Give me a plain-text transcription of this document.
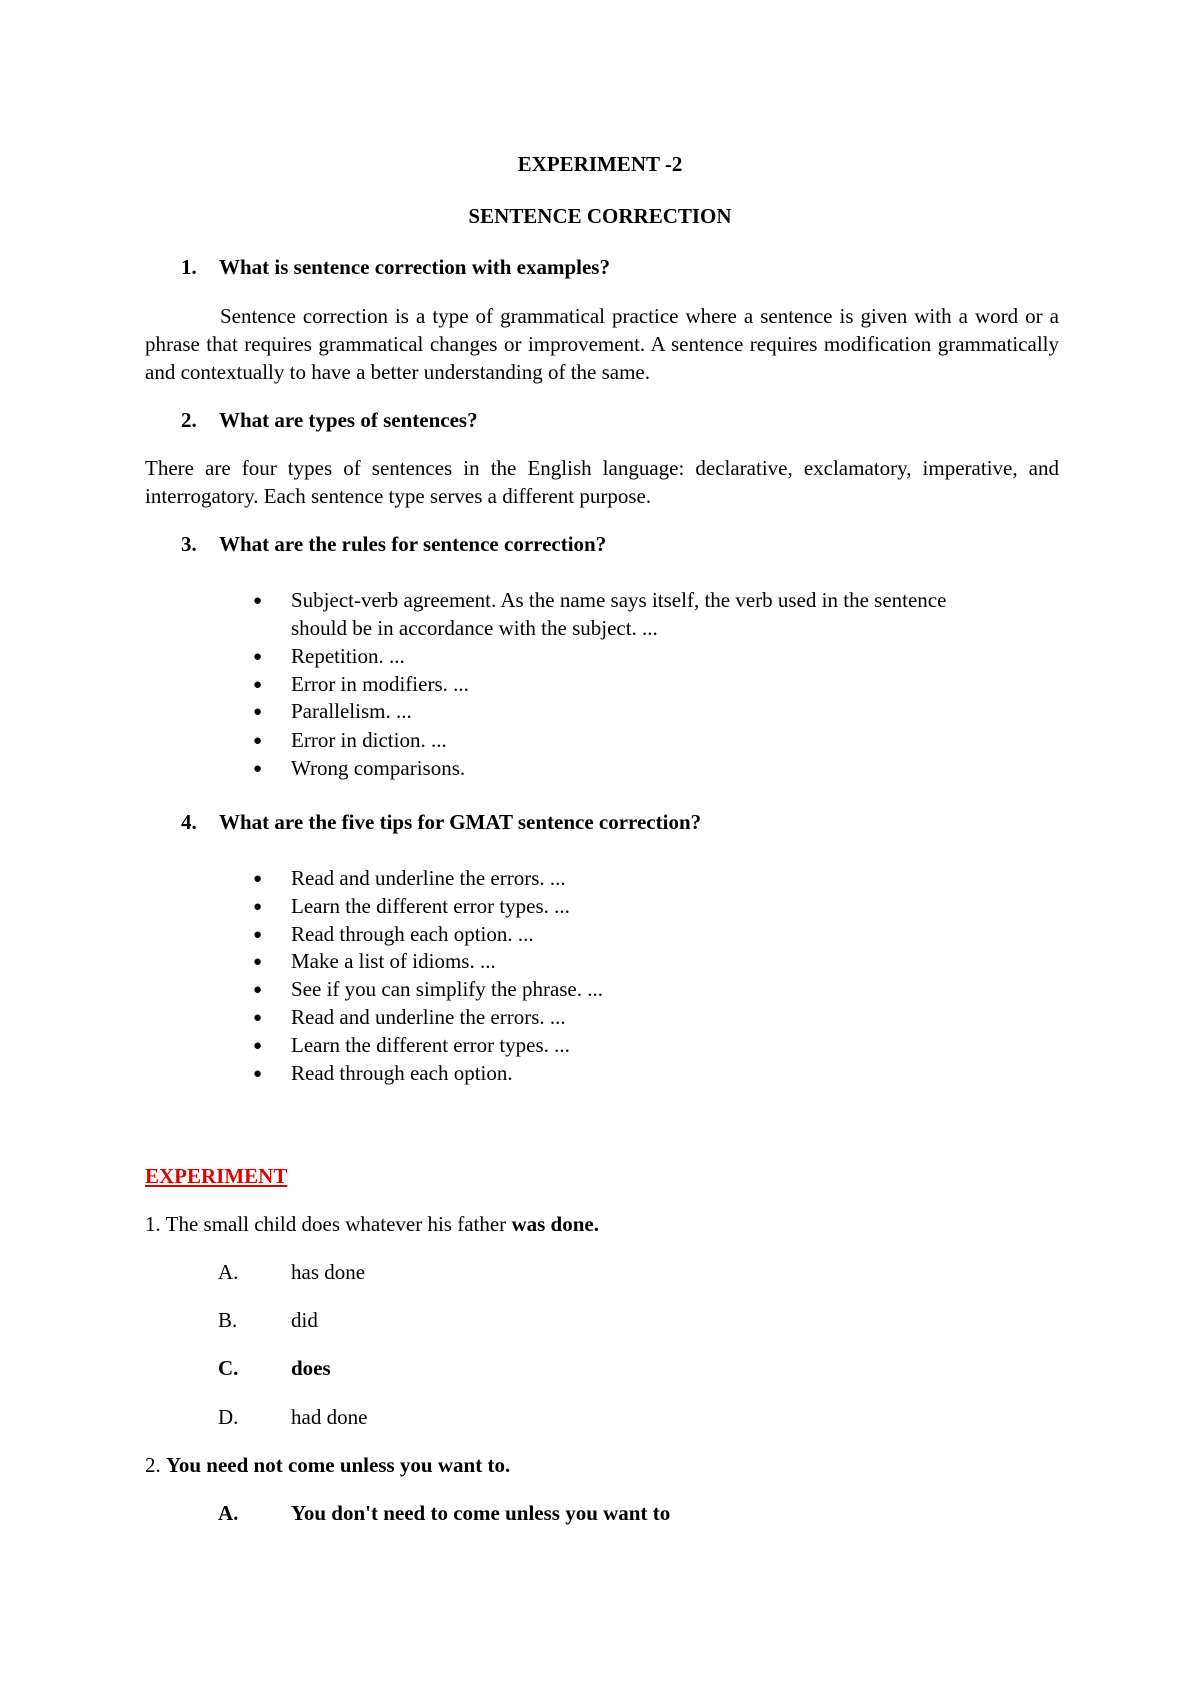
EXPERIMENT -2
SENTENCE CORRECTION
1. What is sentence correction with examples?
Sentence correction is a type of grammatical practice where a sentence is given with a word or a phrase that requires grammatical changes or improvement. A sentence requires modification grammatically and contextually to have a better understanding of the same.
2. What are types of sentences?
There are four types of sentences in the English language: declarative, exclamatory, imperative, and interrogatory. Each sentence type serves a different purpose.
3. What are the rules for sentence correction?
● Subject-verb agreement. As the name says itself, the verb used in the sentence
should be in accordance with the subject. ...
● Repetition. ...
● Error in modifiers. ...
● Parallelism. ...
● Error in diction. ...
● Wrong comparisons.
4. What are the five tips for GMAT sentence correction?
● Read and underline the errors. ...
● Learn the different error types. ...
● Read through each option. ...
● Make a list of idioms. ...
● See if you can simplify the phrase. ...
● Read and underline the errors. ...
● Learn the different error types. ...
● Read through each option.
EXPERIMENT
1. The small child does whatever his father was done.
A.	has done
B.	did
C.	does
D.	had done
2. You need not come unless you want to.
A.	You don't need to come unless you want to
